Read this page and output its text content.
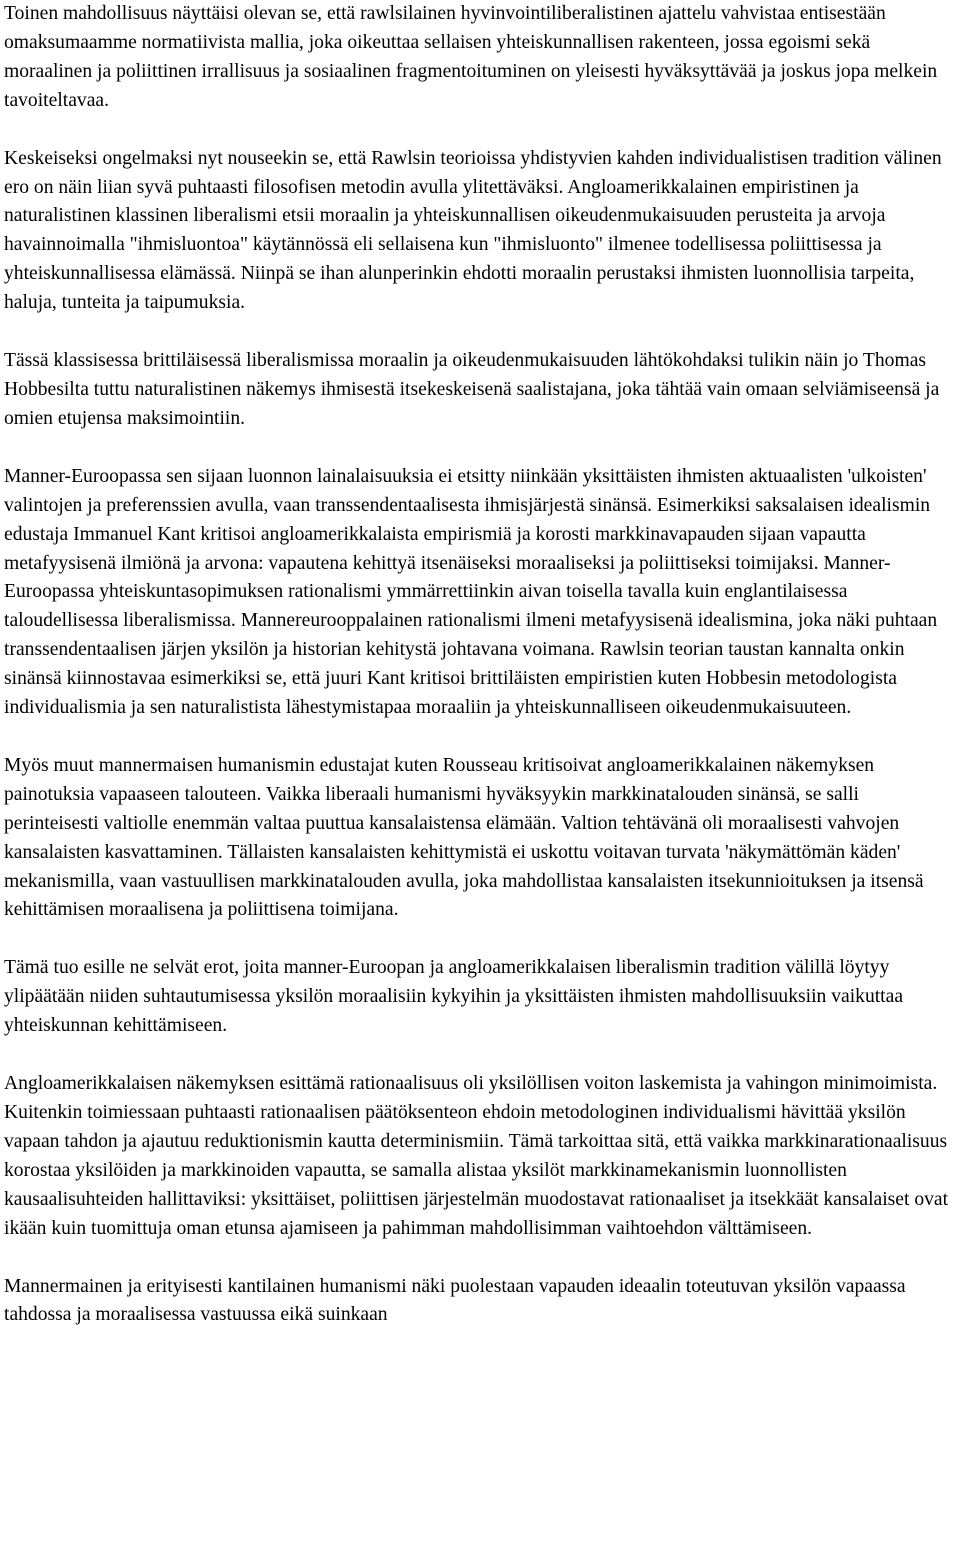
Toinen mahdollisuus näyttäisi olevan se, että rawlsilainen hyvinvointiliberalistinen ajattelu vahvistaa entisestään omaksumaamme normatiivista mallia, joka oikeuttaa sellaisen yhteiskunnallisen rakenteen, jossa egoismi sekä moraalinen ja poliittinen irrallisuus ja sosiaalinen fragmentoituminen on yleisesti hyväksyttävää ja joskus jopa melkein tavoiteltavaa.

Keskeiseksi ongelmaksi nyt nouseekin se, että Rawlsin teorioissa yhdistyvien kahden individualistisen tradition välinen ero on näin liian syvä puhtaasti filosofisen metodin avulla ylitettäväksi. Angloamerikkalainen empiristinen ja naturalistinen klassinen liberalismi etsii moraalin ja yhteiskunnallisen oikeudenmukaisuuden perusteita ja arvoja havainnoimalla "ihmisluontoa" käytännössä eli sellaisena kun "ihmisluonto" ilmenee todellisessa poliittisessa ja yhteiskunnallisessa elämässä. Niinpä se ihan alunperinkin ehdotti moraalin perustaksi ihmisten luonnollisia tarpeita, haluja, tunteita ja taipumuksia.

Tässä klassisessa brittiläisessä liberalismissa moraalin ja oikeudenmukaisuuden lähtökohdaksi tulikin näin jo Thomas Hobbesilta tuttu naturalistinen näkemys ihmisestä itsekeskeisenä saalistajana, joka tähtää vain omaan selviämiseensä ja omien etujensa maksimointiin.

Manner-Euroopassa sen sijaan luonnon lainalaisuuksia ei etsitty niinkään yksittäisten ihmisten aktuaalisten 'ulkoisten' valintojen ja preferenssien avulla, vaan transsendentaalisesta ihmisjärjestä sinänsä. Esimerkiksi saksalaisen idealismin edustaja Immanuel Kant kritisoi angloamerikkalaista empirismiä ja korosti markkinavapauden sijaan vapautta metafyysisenä ilmiönä ja arvona: vapautena kehittyä itsenäiseksi moraaliseksi ja poliittiseksi toimijaksi. Manner-Euroopassa yhteiskuntasopimuksen rationalismi ymmärrettiinkin aivan toisella tavalla kuin englantilaisessa taloudellisessa liberalismissa. Mannereurooppalainen rationalismi ilmeni metafyysisenä idealismina, joka näki puhtaan transsendentaalisen järjen yksilön ja historian kehitystä johtavana voimana. Rawlsin teorian taustan kannalta onkin sinänsä kiinnostavaa esimerkiksi se, että juuri Kant kritisoi brittiläisten empiristien kuten Hobbesin metodologista individualismia ja sen naturalistista lähestymistapaa moraaliin ja yhteiskunnalliseen oikeudenmukaisuuteen.

Myös muut mannermaisen humanismin edustajat kuten Rousseau kritisoivat angloamerikkalainen näkemyksen painotuksia vapaaseen talouteen. Vaikka liberaali humanismi hyväksyykin markkinatalouden sinänsä, se salli perinteisesti valtiolle enemmän valtaa puuttua kansalaistensa elämään. Valtion tehtävänä oli moraalisesti vahvojen kansalaisten kasvattaminen. Tällaisten kansalaisten kehittymistä ei uskottu voitavan turvata 'näkymättömän käden' mekanismilla, vaan vastuullisen markkinatalouden avulla, joka mahdollistaa kansalaisten itsekunnioituksen ja itsensä kehittämisen moraalisena ja poliittisena toimijana.

Tämä tuo esille ne selvät erot, joita manner-Euroopan ja angloamerikkalaisen liberalismin tradition välillä löytyy ylipäätään niiden suhtautumisessa yksilön moraalisiin kykyihin ja yksittäisten ihmisten mahdollisuuksiin vaikuttaa yhteiskunnan kehittämiseen.

Angloamerikkalaisen näkemyksen esittämä rationaalisuus oli yksilöllisen voiton laskemista ja vahingon minimoimista. Kuitenkin toimiessaan puhtaasti rationaalisen päätöksenteon ehdoin metodologinen individualismi hävittää yksilön vapaan tahdon ja ajautuu reduktionismin kautta determinismiin. Tämä tarkoittaa sitä, että vaikka markkinarationaalisuus korostaa yksilöiden ja markkinoiden vapautta, se samalla alistaa yksilöt markkinamekanismin luonnollisten kausaalisuhteiden hallittaviksi: yksittäiset, poliittisen järjestelmän muodostavat rationaaliset ja itsekkäät kansalaiset ovat ikään kuin tuomittuja oman etunsa ajamiseen ja pahimman mahdollisimman vaihtoehdon välttämiseen.

Mannermainen ja erityisesti kantilainen humanismi näki puolestaan vapauden ideaalin toteutuvan yksilön vapaassa tahdossa ja moraalisessa vastuussa eikä suinkaan
